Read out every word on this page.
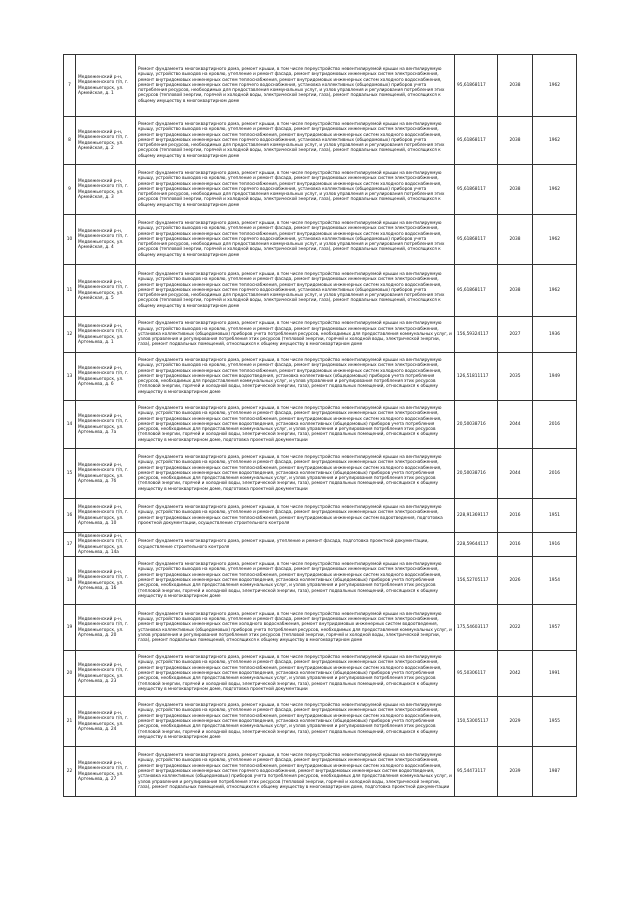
7	Медвеженский р-н, Медвеженского г/п, г. Медвежьегорск, ул. Армейская, д. 1	Ремонт фундамента многоквартирного дома, ремонт крыши, в том числе переустройство невентилируемой крыши на вентилируемую крышу, устройство выходов на кровлю, утепление и ремонт фасада, ремонт внутридомовых инженерных систем электроснабжения, ремонт внутридомовых инженерных систем теплоснабжения, ремонт внутридомовых инженерных систем холодного водоснабжения, ремонт внутридомовых инженерных систем горячего водоснабжения, установка коллективных (общедомовых) приборов учета потребления ресурсов, необходимых для предоставления коммунальных услуг, и узлов управления и регулирования потребления этих ресурсов (тепловой энергии, горячей и холодной воды, электрической энергии, газа), ремонт подвальных помещений, относящихся к общему имуществу в многоквартирном доме	95,61868117	2038	1962
8	Медвеженский р-н, Медвеженского г/п, г. Медвежьегорск, ул. Армейская, д. 2	Ремонт фундамента многоквартирного дома, ремонт крыши, в том числе переустройство невентилируемой крыши на вентилируемую крышу, устройство выходов на кровлю, утепление и ремонт фасада, ремонт внутридомовых инженерных систем электроснабжения, ремонт внутридомовых инженерных систем теплоснабжения, ремонт внутридомовых инженерных систем холодного водоснабжения, ремонт внутридомовых инженерных систем горячего водоснабжения, установка коллективных (общедомовых) приборов учета потребления ресурсов, необходимых для предоставления коммунальных услуг, и узлов управления и регулирования потребления этих ресурсов (тепловой энергии, горячей и холодной воды, электрической энергии, газа), ремонт подвальных помещений, относящихся к общему имуществу в многоквартирном доме	95,61868117	2038	1962
9	Медвеженский р-н, Медвеженского г/п, г. Медвежьегорск, ул. Армейская, д. 3	Ремонт фундамента многоквартирного дома, ремонт крыши, в том числе переустройство невентилируемой крыши на вентилируемую крышу, устройство выходов на кровлю, утепление и ремонт фасада, ремонт внутридомовых инженерных систем электроснабжения, ремонт внутридомовых инженерных систем теплоснабжения, ремонт внутридомовых инженерных систем холодного водоснабжения, ремонт внутридомовых инженерных систем горячего водоснабжения, установка коллективных (общедомовых) приборов учета потребления ресурсов, необходимых для предоставления коммунальных услуг, и узлов управления и регулирования потребления этих ресурсов (тепловой энергии, горячей и холодной воды, электрической энергии, газа), ремонт подвальных помещений, относящихся к общему имуществу в многоквартирном доме	95,61868117	2038	1962
10	Медвеженский р-н, Медвеженского г/п, г. Медвежьегорск, ул. Армейская, д. 4	Ремонт фундамента многоквартирного дома, ремонт крыши, в том числе переустройство невентилируемой крыши на вентилируемую крышу, устройство выходов на кровлю, утепление и ремонт фасада, ремонт внутридомовых инженерных систем электроснабжения, ремонт внутридомовых инженерных систем теплоснабжения, ремонт внутридомовых инженерных систем холодного водоснабжения, ремонт внутридомовых инженерных систем горячего водоснабжения, установка коллективных (общедомовых) приборов учета потребления ресурсов, необходимых для предоставления коммунальных услуг, и узлов управления и регулирования потребления этих ресурсов (тепловой энергии, горячей и холодной воды, электрической энергии, газа), ремонт подвальных помещений, относящихся к общему имуществу в многоквартирном доме	95,61868117	2038	1962
11	Медвеженский р-н, Медвеженского г/п, г. Медвежьегорск, ул. Армейская, д. 5	Ремонт фундамента многоквартирного дома, ремонт крыши, в том числе переустройство невентилируемой крыши на вентилируемую крышу, устройство выходов на кровлю, утепление и ремонт фасада, ремонт внутридомовых инженерных систем электроснабжения, ремонт внутридомовых инженерных систем теплоснабжения, ремонт внутридомовых инженерных систем холодного водоснабжения, ремонт внутридомовых инженерных систем горячего водоснабжения, установка коллективных (общедомовых) приборов учета потребления ресурсов, необходимых для предоставления коммунальных услуг, и узлов управления и регулирования потребления этих ресурсов (тепловой энергии, горячей и холодной воды, электрической энергии, газа), ремонт подвальных помещений, относящихся к общему имуществу в многоквартирном доме	95,61868117	2038	1962
12	Медвеженский р-н, Медвеженского г/п, г. Медвежьегорск, ул. Артемьева, д. 1	Ремонт фундамента многоквартирного дома, ремонт крыши, в том числе переустройство невентилируемой крыши на вентилируемую крышу, устройство выходов на кровлю, утепление и ремонт фасада, ремонт внутридомовых инженерных систем электроснабжения, установка коллективных (общедомовых) приборов учета потребления ресурсов, необходимых для предоставления коммунальных услуг, и узлов управления и регулирования потребления этих ресурсов (тепловой энергии, горячей и холодной воды, электрической энергии, газа), ремонт подвальных помещений, относящихся к общему имуществу в многоквартирном доме	156,59324117	2027	1936
13	Медвеженский р-н, Медвеженского г/п, г. Медвежьегорск, ул. Артемьева, д. 6	Ремонт фундамента многоквартирного дома, ремонт крыши, в том числе переустройство невентилируемой крыши на вентилируемую крышу, устройство выходов на кровлю, утепление и ремонт фасада, ремонт внутридомовых инженерных систем электроснабжения, ремонт внутридомовых инженерных систем теплоснабжения, ремонт внутридомовых инженерных систем холодного водоснабжения, ремонт внутридомовых инженерных систем водоотведения, установка коллективных (общедомовых) приборов учета потребления ресурсов, необходимых для предоставления коммунальных услуг, и узлов управления и регулирования потребления этих ресурсов (тепловой энергии, горячей и холодной воды, электрической энергии, газа), ремонт подвальных помещений, относящихся к общему имуществу в многоквартирном доме	126,51811117	2035	1949
14	Медвеженский р-н, Медвеженского г/п, г. Медвежьегорск, ул. Артемьева, д. 7а	Ремонт фундамента многоквартирного дома, ремонт крыши, в том числе переустройство невентилируемой крыши на вентилируемую крышу, устройство выходов на кровлю, утепление и ремонт фасада, ремонт внутридомовых инженерных систем электроснабжения, ремонт внутридомовых инженерных систем теплоснабжения, ремонт внутридомовых инженерных систем холодного водоснабжения, ремонт внутридомовых инженерных систем водоотведения, установка коллективных (общедомовых) приборов учета потребления ресурсов, необходимых для предоставления коммунальных услуг, и узлов управления и регулирования потребления этих ресурсов (тепловой энергии, горячей и холодной воды, электрической энергии, газа), ремонт подвальных помещений, относящихся к общему имуществу в многоквартирном доме, подготовка проектной документации	20,50038716	2044	2016
15	Медвеженский р-н, Медвеженского г/п, г. Медвежьегорск, ул. Артемьева, д. 7б	Ремонт фундамента многоквартирного дома, ремонт крыши, в том числе переустройство невентилируемой крыши на вентилируемую крышу, устройство выходов на кровлю, утепление и ремонт фасада, ремонт внутридомовых инженерных систем электроснабжения, ремонт внутридомовых инженерных систем теплоснабжения, ремонт внутридомовых инженерных систем холодного водоснабжения, ремонт внутридомовых инженерных систем водоотведения, установка коллективных (общедомовых) приборов учета потребления ресурсов, необходимых для предоставления коммунальных услуг, и узлов управления и регулирования потребления этих ресурсов (тепловой энергии, горячей и холодной воды, электрической энергии, газа), ремонт подвальных помещений, относящихся к общему имуществу в многоквартирном доме, подготовка проектной документации	20,50038716	2044	2016
16	Медвеженский р-н, Медвеженского г/п, г. Медвежьегорск, ул. Артемьева, д. 10	Ремонт фундамента многоквартирного дома, ремонт крыши, в том числе переустройство невентилируемой крыши на вентилируемую крышу, устройство выходов на кровлю, утепление и ремонт фасада, ремонт внутридомовых инженерных систем электроснабжения, ремонт внутридомовых инженерных систем теплоснабжения, ремонт внутридомовых инженерных систем водоотведения, подготовка проектной документации, осуществление строительного контроля	228,91369117	2016	1951
17	Медвеженский р-н, Медвеженского г/п, г. Медвежьегорск, ул. Артемьева, д. 14а	Ремонт фундамента многоквартирного дома, ремонт крыши, утепление и ремонт фасада, подготовка проектной документации, осуществление строительного контроля	228,59644117	2016	1916
18	Медвеженский р-н, Медвеженского г/п, г. Медвежьегорск, ул. Артемьева, д. 16	Ремонт фундамента многоквартирного дома, ремонт крыши, в том числе переустройство невентилируемой крыши на вентилируемую крышу, устройство выходов на кровлю, утепление и ремонт фасада, ремонт внутридомовых инженерных систем электроснабжения, ремонт внутридомовых инженерных систем теплоснабжения, ремонт внутридомовых инженерных систем холодного водоснабжения, ремонт внутридомовых инженерных систем водоотведения, установка коллективных (общедомовых) приборов учета потребления ресурсов, необходимых для предоставления коммунальных услуг, и узлов управления и регулирования потребления этих ресурсов (тепловой энергии, горячей и холодной воды, электрической энергии, газа), ремонт подвальных помещений, относящихся к общему имуществу в многоквартирном доме	156,52705117	2026	1954
19	Медвеженский р-н, Медвеженского г/п, г. Медвежьегорск, ул. Артемьева, д. 20	Ремонт фундамента многоквартирного дома, ремонт крыши, в том числе переустройство невентилируемой крыши на вентилируемую крышу, устройство выходов на кровлю, утепление и ремонт фасада, ремонт внутридомовых инженерных систем электроснабжения, ремонт внутридомовых инженерных систем холодного водоснабжения, ремонт внутридомовых инженерных систем водоотведения, установка коллективных (общедомовых) приборов учета потребления ресурсов, необходимых для предоставления коммунальных услуг, и узлов управления и регулирования потребления этих ресурсов (тепловой энергии, горячей и холодной воды, электрической энергии, газа), ремонт подвальных помещений, относящихся к общему имуществу в многоквартирном доме	175,54603117	2022	1957
20	Медвеженский р-н, Медвеженского г/п, г. Медвежьегорск, ул. Артемьева, д. 23	Ремонт фундамента многоквартирного дома, ремонт крыши, в том числе переустройство невентилируемой крыши на вентилируемую крышу, устройство выходов на кровлю, утепление и ремонт фасада, ремонт внутридомовых инженерных систем электроснабжения, ремонт внутридомовых инженерных систем теплоснабжения, ремонт внутридомовых инженерных систем холодного водоснабжения, ремонт внутридомовых инженерных систем водоотведения, установка коллективных (общедомовых) приборов учета потребления ресурсов, необходимых для предоставления коммунальных услуг, и узлов управления и регулирования потребления этих ресурсов (тепловой энергии, горячей и холодной воды, электрической энергии, газа), ремонт подвальных помещений, относящихся к общему имуществу в многоквартирном доме, подготовка проектной документации	95,50306117	2042	1991
21	Медвеженский р-н, Медвеженского г/п, г. Медвежьегорск, ул. Артемьева, д. 24	Ремонт фундамента многоквартирного дома, ремонт крыши, в том числе переустройство невентилируемой крыши на вентилируемую крышу, устройство выходов на кровлю, утепление и ремонт фасада, ремонт внутридомовых инженерных систем электроснабжения, ремонт внутридомовых инженерных систем теплоснабжения, ремонт внутридомовых инженерных систем холодного водоснабжения, ремонт внутридомовых инженерных систем водоотведения, установка коллективных (общедомовых) приборов учета потребления ресурсов, необходимых для предоставления коммунальных услуг, и узлов управления и регулирования потребления этих ресурсов (тепловой энергии, горячей и холодной воды, электрической энергии, газа), ремонт подвальных помещений, относящихся к общему имуществу в многоквартирном доме	150,53005117	2029	1955
22	Медвеженский р-н, Медвеженского г/п, г. Медвежьегорск, ул. Артемьева, д. 27	Ремонт фундамента многоквартирного дома, ремонт крыши, в том числе переустройство невентилируемой крыши на вентилируемую крышу, устройство выходов на кровлю, утепление и ремонт фасада, ремонт внутридомовых инженерных систем электроснабжения, ремонт внутридомовых инженерных систем теплоснабжения, ремонт внутридомовых инженерных систем холодного водоснабжения, ремонт внутридомовых инженерных систем горячего водоснабжения, ремонт внутридомовых инженерных систем водоотведения, установка коллективных (общедомовых) приборов учета потребления ресурсов, необходимых для предоставления коммунальных услуг, и узлов управления и регулирования потребления этих ресурсов (тепловой энергии, горячей и холодной воды, электрической энергии, газа), ремонт подвальных помещений, относящихся к общему имуществу в многоквартирном доме, подготовка проектной документации	95,54473117	2039	1987
